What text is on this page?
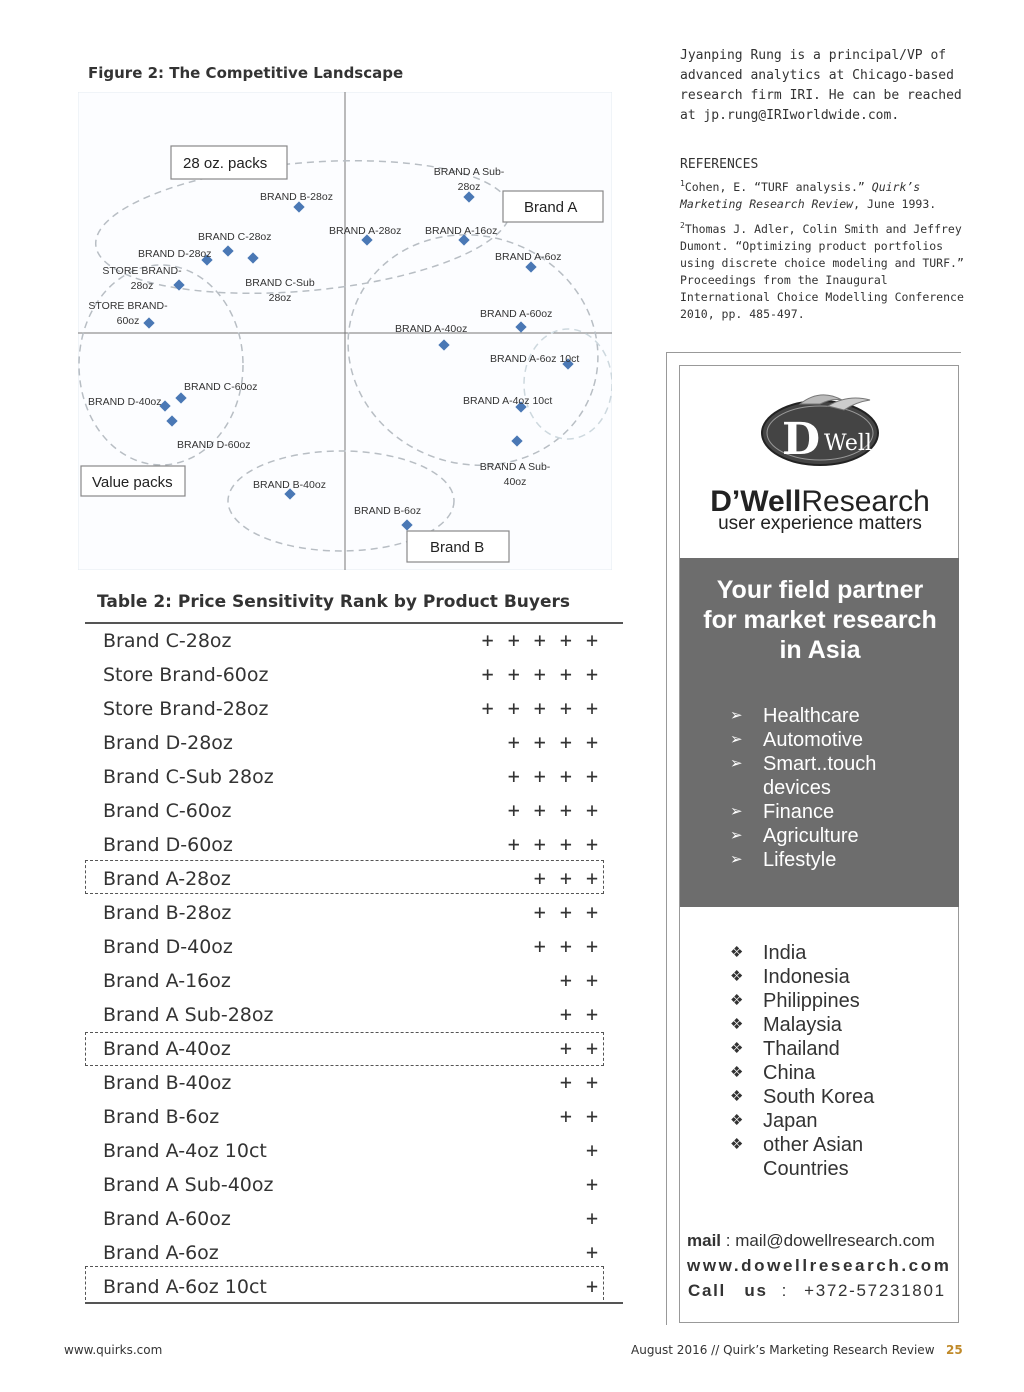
Figure 2: The Competitive Landscape
BRAND B-28oz
BRAND C-28oz
BRAND D-28oz
STORE BRAND-28oz	BRAND C-Sub 28oz
STORE BRAND-60oz
BRAND A Sub-28oz
BRAND A-28oz BRAND A-16oz
BRAND A-6oz
BRAND A-60oz
BRAND A-40oz
BRAND A-6oz 10ct
BRAND A-4oz 10ct
BRAND A Sub-40oz
BRAND C-60oz
BRAND D-40oz
BRAND D-60oz
BRAND B-40oz
BRAND B-6oz
28 oz. packs
Brand A
Value packs
Brand B
Table 2: Price Sensitivity Rank by Product Buyers
Brand C-28oz	+ + + + +
Store Brand-60oz	+ + + + +
Store Brand-28oz	+ + + + +
Brand D-28oz	+ + + +
Brand C-Sub 28oz	+ + + +
Brand C-60oz	+ + + +
Brand D-60oz	+ + + +
Brand A-28oz	+ + +
Brand B-28oz	+ + +
Brand D-40oz	+ + +
Brand A-16oz	+ +
Brand A Sub-28oz	+ +
Brand A-40oz	+ +
Brand B-40oz	+ +
Brand B-6oz	+ +
Brand A-4oz 10ct	+
Brand A Sub-40oz	+
Brand A-60oz	+
Brand A-6oz	+
Brand A-6oz 10ct	+
Jyanping Rung is a principal/VP of advanced analytics at Chicago-based research firm IRI. He can be reached at jp.rung@IRIworldwide.com.
REFERENCES
$^1$Cohen, E. “TURF analysis.” Quirk’s Marketing Research Review, June 1993.
$^2$Thomas J. Adler, Colin Smith and Jeffrey Dumont. “Optimizing product portfolios using discrete choice modeling and TURF.” Proceedings from the Inaugural International Choice Modelling Conference 2010, pp. 485-497.
D Well
D’WellResearch
user experience matters
Your field partner
for market research
in Asia
➢ Healthcare
➢ Automotive
➢ Smart..touch devices
➢ Finance
➢ Agriculture
➢ Lifestyle
❖ India
❖ Indonesia
❖ Philippines
❖ Malaysia
❖ Thailand
❖ China
❖ South Korea
❖ Japan
❖ other Asian Countries
mail : mail@dowellresearch.com
www.dowellresearch.com
Call us : +372-57231801
www.quirks.com	August 2016 // Quirk’s Marketing Research Review 25
